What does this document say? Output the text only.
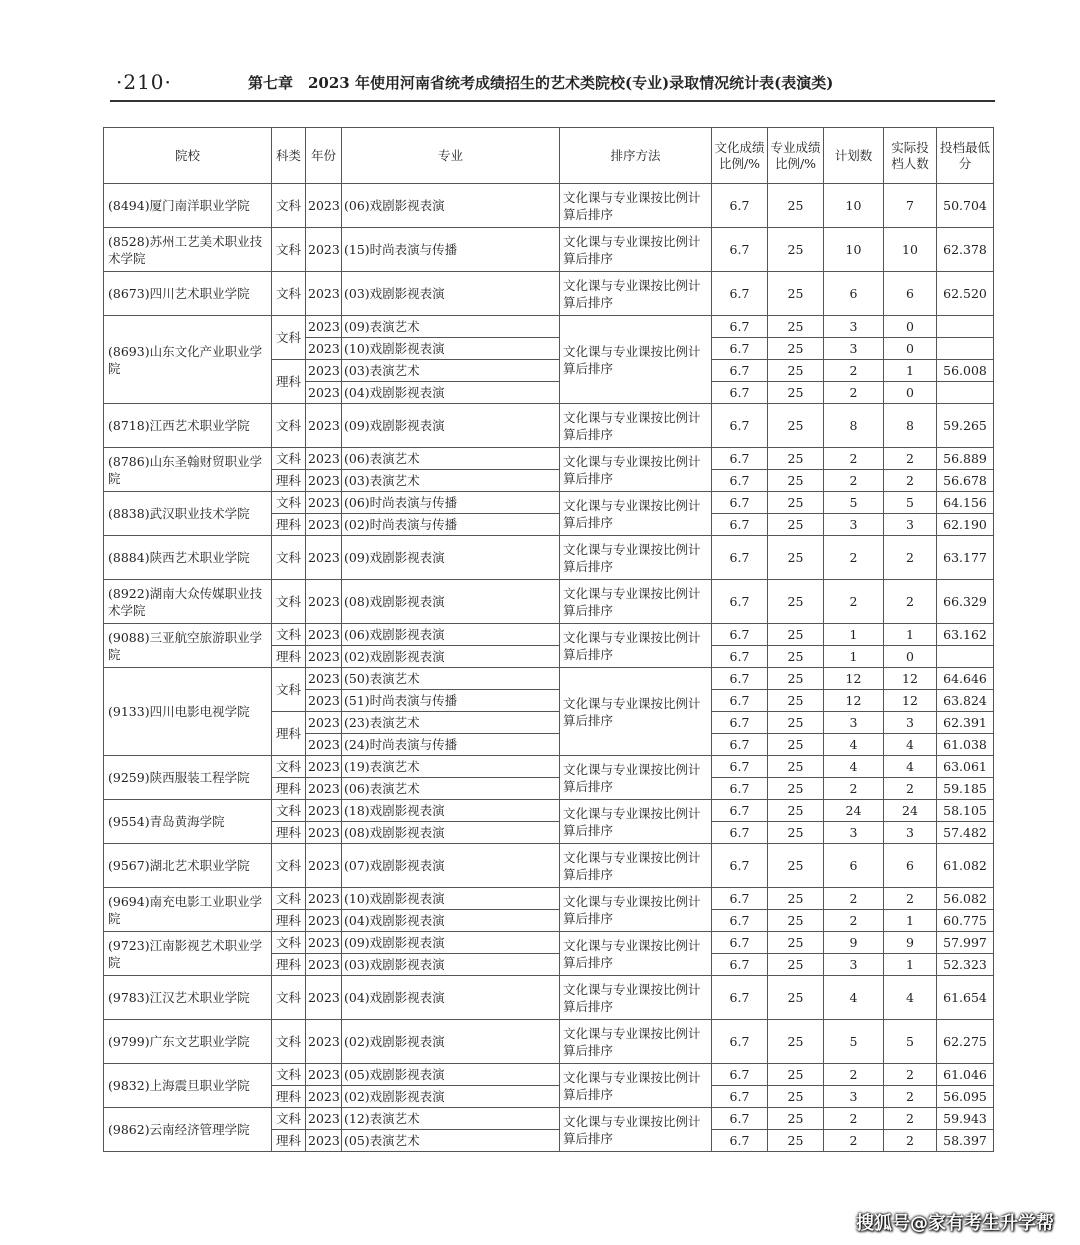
·210·	第七章　2023 年使用河南省统考成绩招生的艺术类院校(专业)录取情况统计表(表演类)
院校	科类	年份	专业	排序方法	文化成绩比例/%	专业成绩比例/%	计划数	实际投档人数	投档最低分
(8494)厦门南洋职业学院	文科	2023	(06)戏剧影视表演	文化课与专业课按比例计算后排序	6.7	25	10	7	50.704
(8528)苏州工艺美术职业技术学院	文科	2023	(15)时尚表演与传播	文化课与专业课按比例计算后排序	6.7	25	10	10	62.378
(8673)四川艺术职业学院	文科	2023	(03)戏剧影视表演	文化课与专业课按比例计算后排序	6.7	25	6	6	62.520
(8693)山东文化产业职业学院	文科	2023	(09)表演艺术	文化课与专业课按比例计算后排序	6.7	25	3	0	
		2023	(10)戏剧影视表演		6.7	25	3	0	
	理科	2023	(03)表演艺术		6.7	25	2	1	56.008
		2023	(04)戏剧影视表演		6.7	25	2	0	
(8718)江西艺术职业学院	文科	2023	(09)戏剧影视表演	文化课与专业课按比例计算后排序	6.7	25	8	8	59.265
(8786)山东圣翰财贸职业学院	文科	2023	(06)表演艺术	文化课与专业课按比例计算后排序	6.7	25	2	2	56.889
	理科	2023	(03)表演艺术		6.7	25	2	2	56.678
(8838)武汉职业技术学院	文科	2023	(06)时尚表演与传播	文化课与专业课按比例计算后排序	6.7	25	5	5	64.156
	理科	2023	(02)时尚表演与传播		6.7	25	3	3	62.190
(8884)陕西艺术职业学院	文科	2023	(09)戏剧影视表演	文化课与专业课按比例计算后排序	6.7	25	2	2	63.177
(8922)湖南大众传媒职业技术学院	文科	2023	(08)戏剧影视表演	文化课与专业课按比例计算后排序	6.7	25	2	2	66.329
(9088)三亚航空旅游职业学院	文科	2023	(06)戏剧影视表演	文化课与专业课按比例计算后排序	6.7	25	1	1	63.162
	理科	2023	(02)戏剧影视表演		6.7	25	1	0	
(9133)四川电影电视学院	文科	2023	(50)表演艺术	文化课与专业课按比例计算后排序	6.7	25	12	12	64.646
		2023	(51)时尚表演与传播		6.7	25	12	12	63.824
	理科	2023	(23)表演艺术		6.7	25	3	3	62.391
		2023	(24)时尚表演与传播		6.7	25	4	4	61.038
(9259)陕西服装工程学院	文科	2023	(19)表演艺术	文化课与专业课按比例计算后排序	6.7	25	4	4	63.061
	理科	2023	(06)表演艺术		6.7	25	2	2	59.185
(9554)青岛黄海学院	文科	2023	(18)戏剧影视表演	文化课与专业课按比例计算后排序	6.7	25	24	24	58.105
	理科	2023	(08)戏剧影视表演		6.7	25	3	3	57.482
(9567)湖北艺术职业学院	文科	2023	(07)戏剧影视表演	文化课与专业课按比例计算后排序	6.7	25	6	6	61.082
(9694)南充电影工业职业学院	文科	2023	(10)戏剧影视表演	文化课与专业课按比例计算后排序	6.7	25	2	2	56.082
	理科	2023	(04)戏剧影视表演		6.7	25	2	1	60.775
(9723)江南影视艺术职业学院	文科	2023	(09)戏剧影视表演	文化课与专业课按比例计算后排序	6.7	25	9	9	57.997
	理科	2023	(03)戏剧影视表演		6.7	25	3	1	52.323
(9783)江汉艺术职业学院	文科	2023	(04)戏剧影视表演	文化课与专业课按比例计算后排序	6.7	25	4	4	61.654
(9799)广东文艺职业学院	文科	2023	(02)戏剧影视表演	文化课与专业课按比例计算后排序	6.7	25	5	5	62.275
(9832)上海震旦职业学院	文科	2023	(05)戏剧影视表演	文化课与专业课按比例计算后排序	6.7	25	2	2	61.046
	理科	2023	(02)戏剧影视表演		6.7	25	3	2	56.095
(9862)云南经济管理学院	文科	2023	(12)表演艺术	文化课与专业课按比例计算后排序	6.7	25	2	2	59.943
	理科	2023	(05)表演艺术		6.7	25	2	2	58.397
搜狐号@家有考生升学帮
